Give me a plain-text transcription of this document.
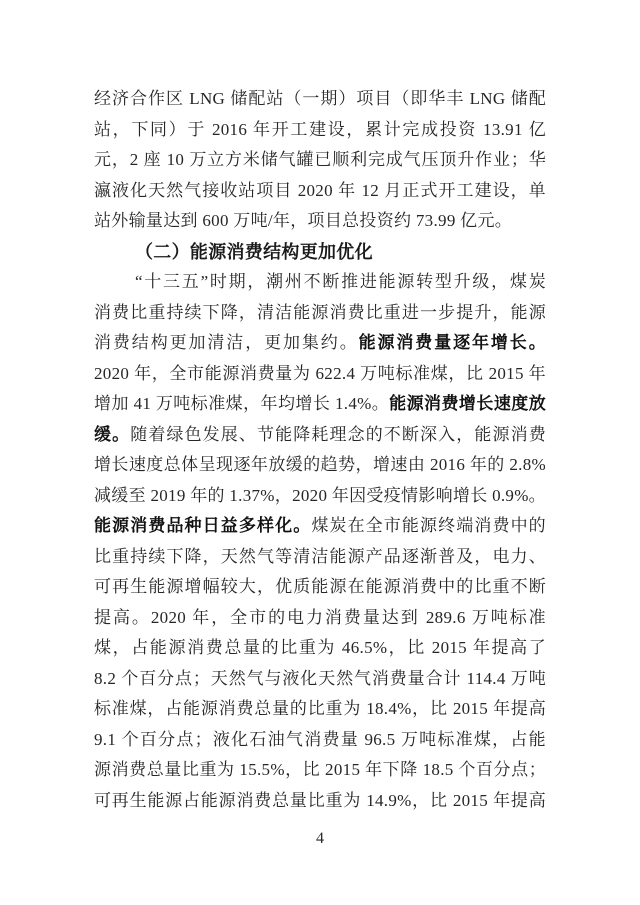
经济合作区 LNG 储配站（一期）项目（即华丰 LNG 储配
站，下同）于 2016 年开工建设，累计完成投资 13.91 亿
元，2 座 10 万立方米储气罐已顺利完成气压顶升作业；华
瀛液化天然气接收站项目 2020 年 12 月正式开工建设，单
站外输量达到 600 万吨/年，项目总投资约 73.99 亿元。
（二）能源消费结构更加优化
“十三五”时期，潮州不断推进能源转型升级，煤炭
消费比重持续下降，清洁能源消费比重进一步提升，能源
消费结构更加清洁，更加集约。能源消费量逐年增长。
2020 年，全市能源消费量为 622.4 万吨标准煤，比 2015 年
增加 41 万吨标准煤，年均增长 1.4%。能源消费增长速度放
缓。随着绿色发展、节能降耗理念的不断深入，能源消费
增长速度总体呈现逐年放缓的趋势，增速由 2016 年的 2.8%
减缓至 2019 年的 1.37%，2020 年因受疫情影响增长 0.9%。
能源消费品种日益多样化。煤炭在全市能源终端消费中的
比重持续下降，天然气等清洁能源产品逐渐普及，电力、
可再生能源增幅较大，优质能源在能源消费中的比重不断
提高。2020 年，全市的电力消费量达到 289.6 万吨标准
煤，占能源消费总量的比重为 46.5%，比 2015 年提高了
8.2 个百分点；天然气与液化天然气消费量合计 114.4 万吨
标准煤，占能源消费总量的比重为 18.4%，比 2015 年提高
9.1 个百分点；液化石油气消费量 96.5 万吨标准煤，占能
源消费总量比重为 15.5%，比 2015 年下降 18.5 个百分点；
可再生能源占能源消费总量比重为 14.9%，比 2015 年提高
4
